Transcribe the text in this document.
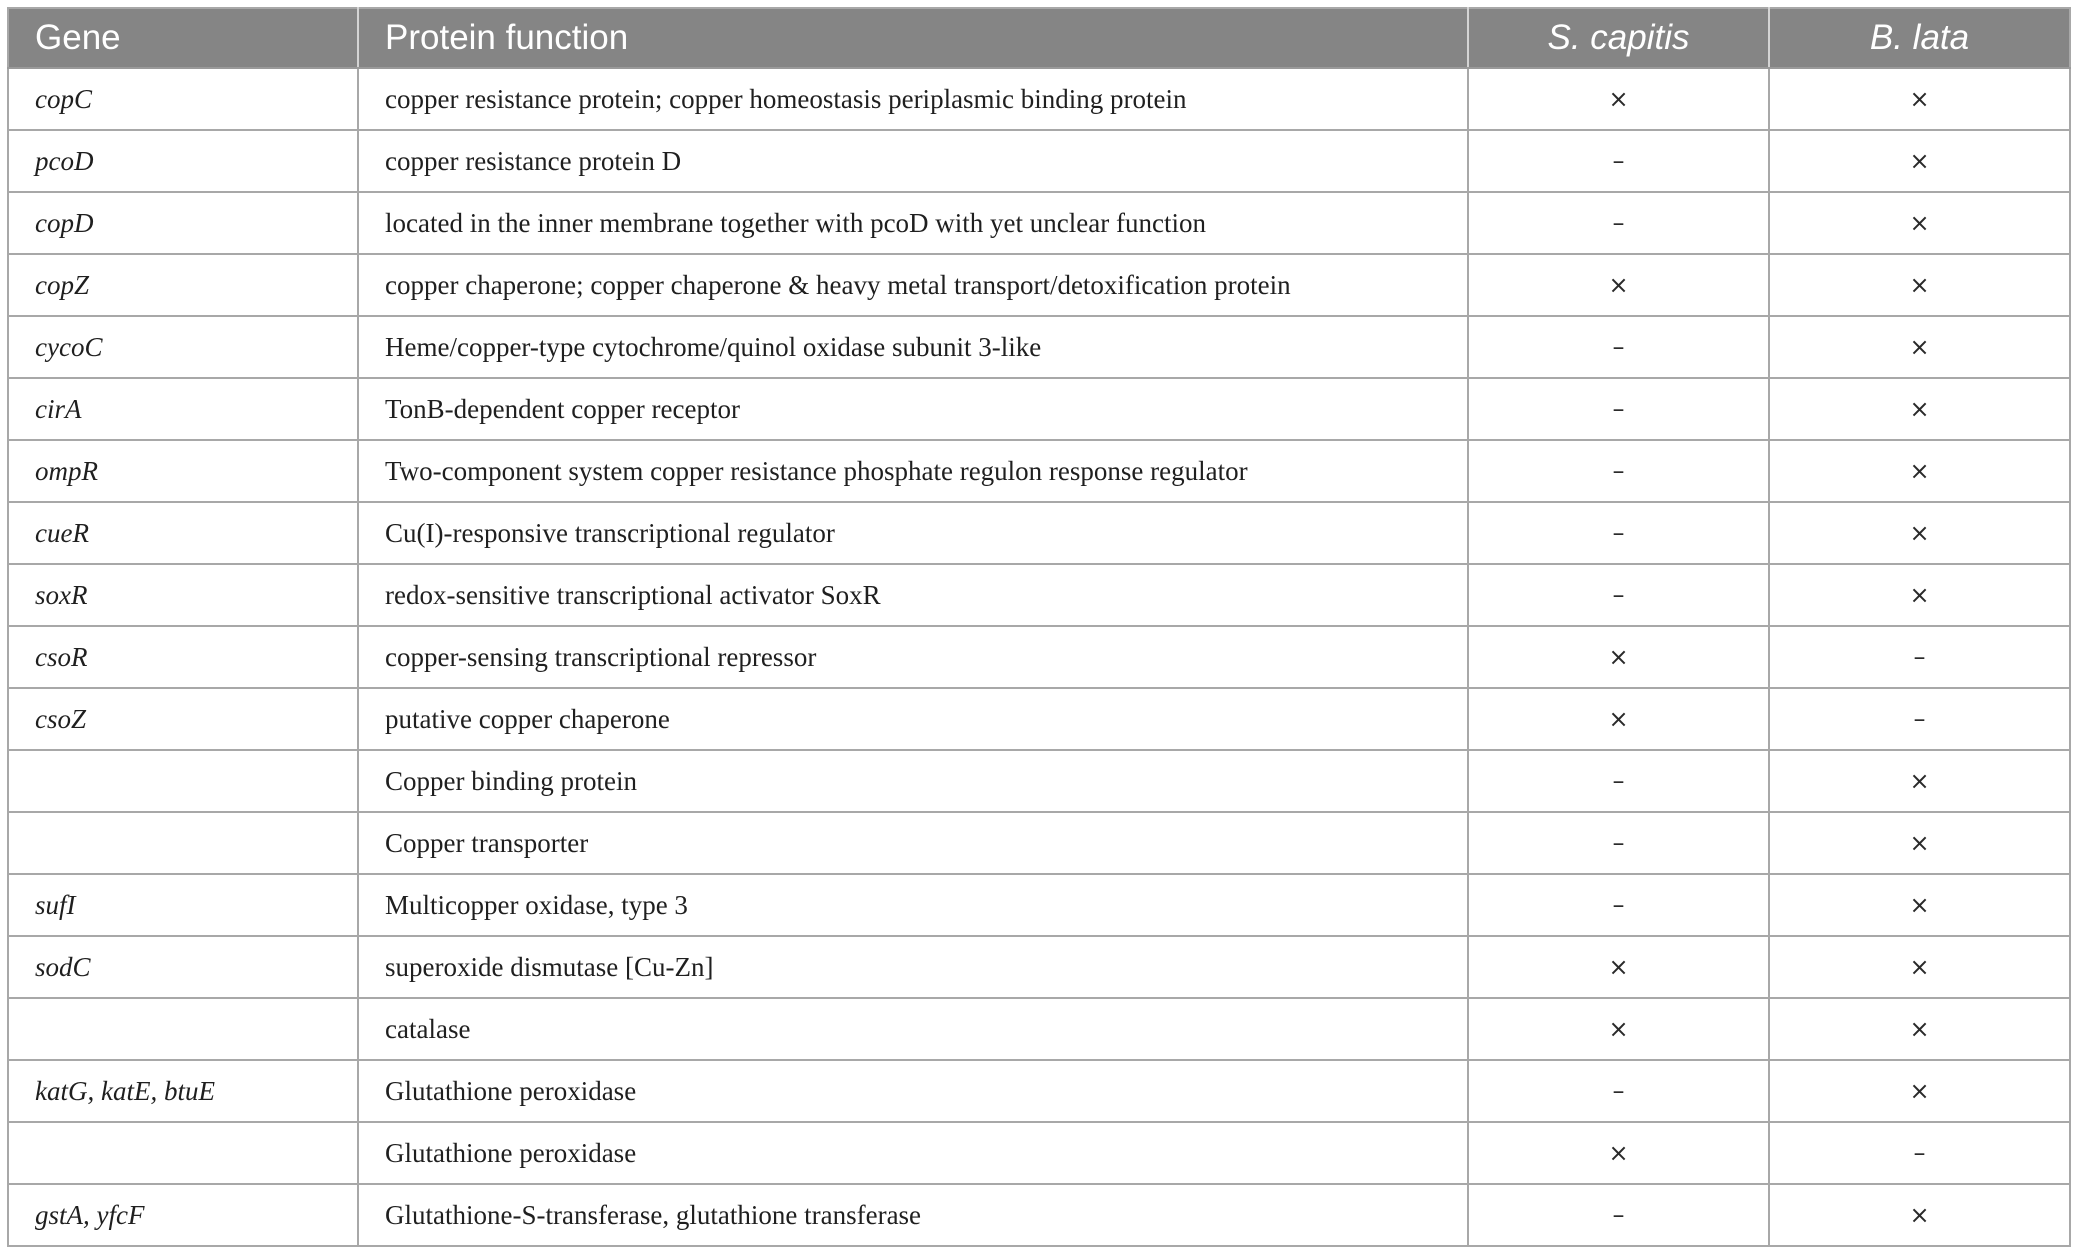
Gene	Protein function	S. capitis	B. lata
copC	copper resistance protein; copper homeostasis periplasmic binding protein	×	×
pcoD	copper resistance protein D	–	×
copD	located in the inner membrane together with pcoD with yet unclear function	–	×
copZ	copper chaperone; copper chaperone & heavy metal transport/detoxification protein	×	×
cycoC	Heme/copper-type cytochrome/quinol oxidase subunit 3-like	–	×
cirA	TonB-dependent copper receptor	–	×
ompR	Two-component system copper resistance phosphate regulon response regulator	–	×
cueR	Cu(I)-responsive transcriptional regulator	–	×
soxR	redox-sensitive transcriptional activator SoxR	–	×
csoR	copper-sensing transcriptional repressor	×	–
csoZ	putative copper chaperone	×	–
	Copper binding protein	–	×
	Copper transporter	–	×
sufI	Multicopper oxidase, type 3	–	×
sodC	superoxide dismutase [Cu-Zn]	×	×
	catalase	×	×
katG, katE, btuE	Glutathione peroxidase	–	×
	Glutathione peroxidase	×	–
gstA, yfcF	Glutathione-S-transferase, glutathione transferase	–	×
